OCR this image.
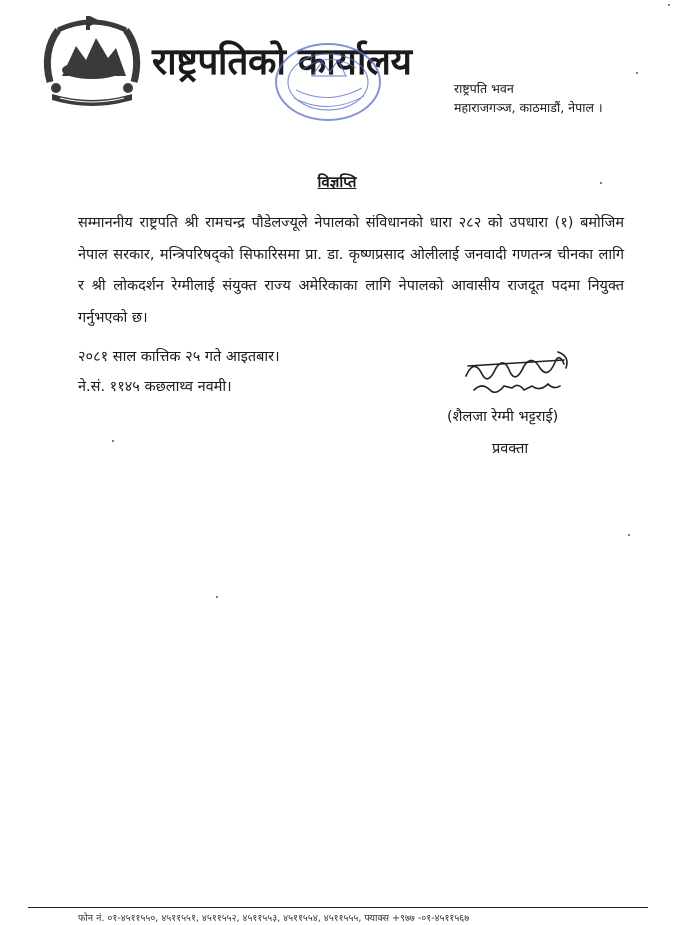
राष्ट्रपतिको कार्यालय
राष्ट्रपति भवन
महाराजगञ्ज, काठमाडौं, नेपाल ।
विज्ञप्ति
सम्माननीय राष्ट्रपति श्री रामचन्द्र पौडेलज्यूले नेपालको संविधानको धारा २८२ को उपधारा (१) बमोजिम नेपाल सरकार, मन्त्रिपरिषद्को सिफारिसमा प्रा. डा. कृष्णप्रसाद ओलीलाई जनवादी गणतन्त्र चीनका लागि र श्री लोकदर्शन रेग्मीलाई संयुक्त राज्य अमेरिकाका लागि नेपालको आवासीय राजदूत पदमा नियुक्त गर्नुभएको छ।
२०८१ साल कात्तिक २५ गते आइतबार।
ने.सं. ११४५ कछलाथ्व नवमी।
(शैलजा रेग्मी भट्टराई)
प्रवक्ता
फोन नं. ०१-४५११५५०, ४५११५५१, ४५११५५२, ४५११५५३, ४५११५५४, ४५११५५५, फ्याक्स +९७७ -०१-४५११५६७
